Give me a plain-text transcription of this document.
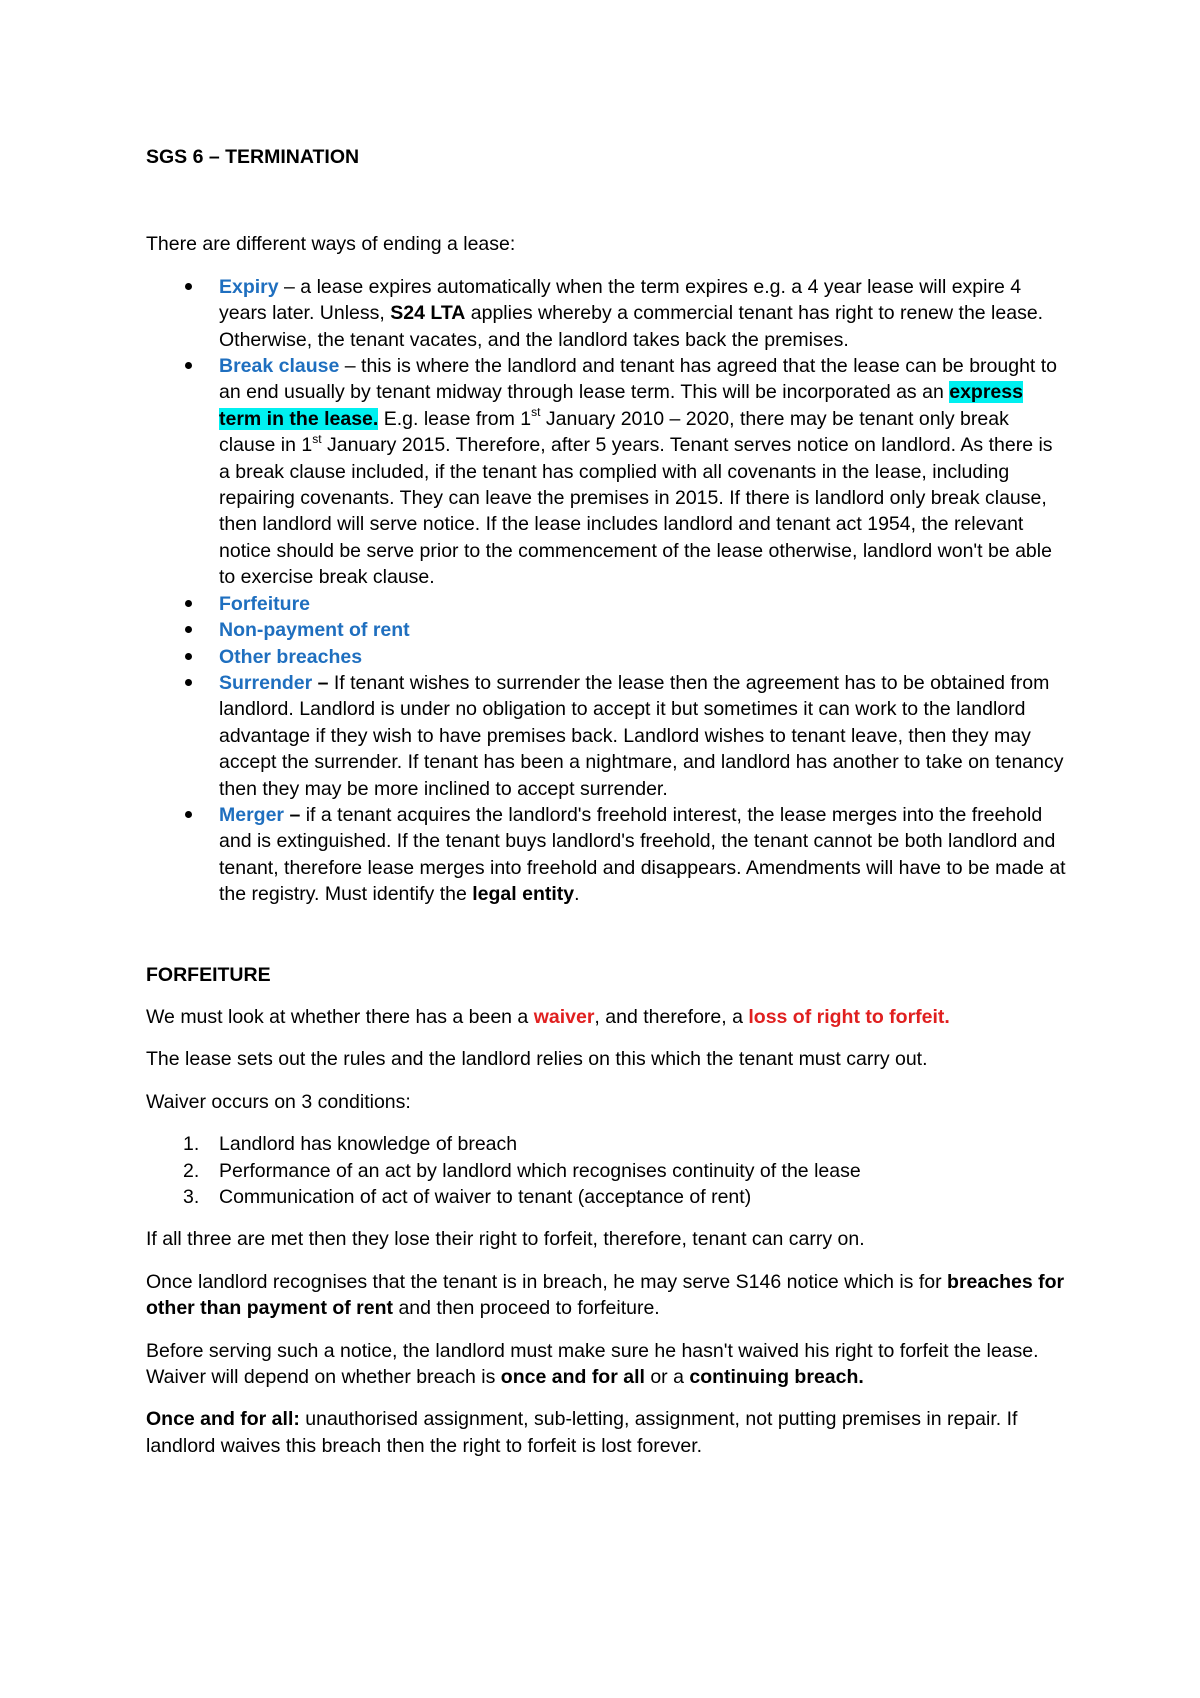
SGS 6 – TERMINATION

There are different ways of ending a lease:

Expiry – a lease expires automatically when the term expires e.g. a 4 year lease will expire 4 years later. Unless, S24 LTA applies whereby a commercial tenant has right to renew the lease. Otherwise, the tenant vacates, and the landlord takes back the premises.
Break clause – this is where the landlord and tenant has agreed that the lease can be brought to an end usually by tenant midway through lease term. This will be incorporated as an express term in the lease. E.g. lease from 1st January 2010 – 2020, there may be tenant only break clause in 1st January 2015. Therefore, after 5 years. Tenant serves notice on landlord. As there is a break clause included, if the tenant has complied with all covenants in the lease, including repairing covenants. They can leave the premises in 2015. If there is landlord only break clause, then landlord will serve notice. If the lease includes landlord and tenant act 1954, the relevant notice should be serve prior to the commencement of the lease otherwise, landlord won't be able to exercise break clause.
Forfeiture
Non-payment of rent
Other breaches
Surrender – If tenant wishes to surrender the lease then the agreement has to be obtained from landlord. Landlord is under no obligation to accept it but sometimes it can work to the landlord advantage if they wish to have premises back. Landlord wishes to tenant leave, then they may accept the surrender. If tenant has been a nightmare, and landlord has another to take on tenancy then they may be more inclined to accept surrender.
Merger – if a tenant acquires the landlord's freehold interest, the lease merges into the freehold and is extinguished. If the tenant buys landlord's freehold, the tenant cannot be both landlord and tenant, therefore lease merges into freehold and disappears. Amendments will have to be made at the registry. Must identify the legal entity.
FORFEITURE

We must look at whether there has a been a waiver, and therefore, a loss of right to forfeit.

The lease sets out the rules and the landlord relies on this which the tenant must carry out.

Waiver occurs on 3 conditions:

1. Landlord has knowledge of breach
2. Performance of an act by landlord which recognises continuity of the lease
3. Communication of act of waiver to tenant (acceptance of rent)

If all three are met then they lose their right to forfeit, therefore, tenant can carry on.

Once landlord recognises that the tenant is in breach, he may serve S146 notice which is for breaches for other than payment of rent and then proceed to forfeiture.

Before serving such a notice, the landlord must make sure he hasn't waived his right to forfeit the lease. Waiver will depend on whether breach is once and for all or a continuing breach.

Once and for all: unauthorised assignment, sub-letting, assignment, not putting premises in repair. If landlord waives this breach then the right to forfeit is lost forever.
